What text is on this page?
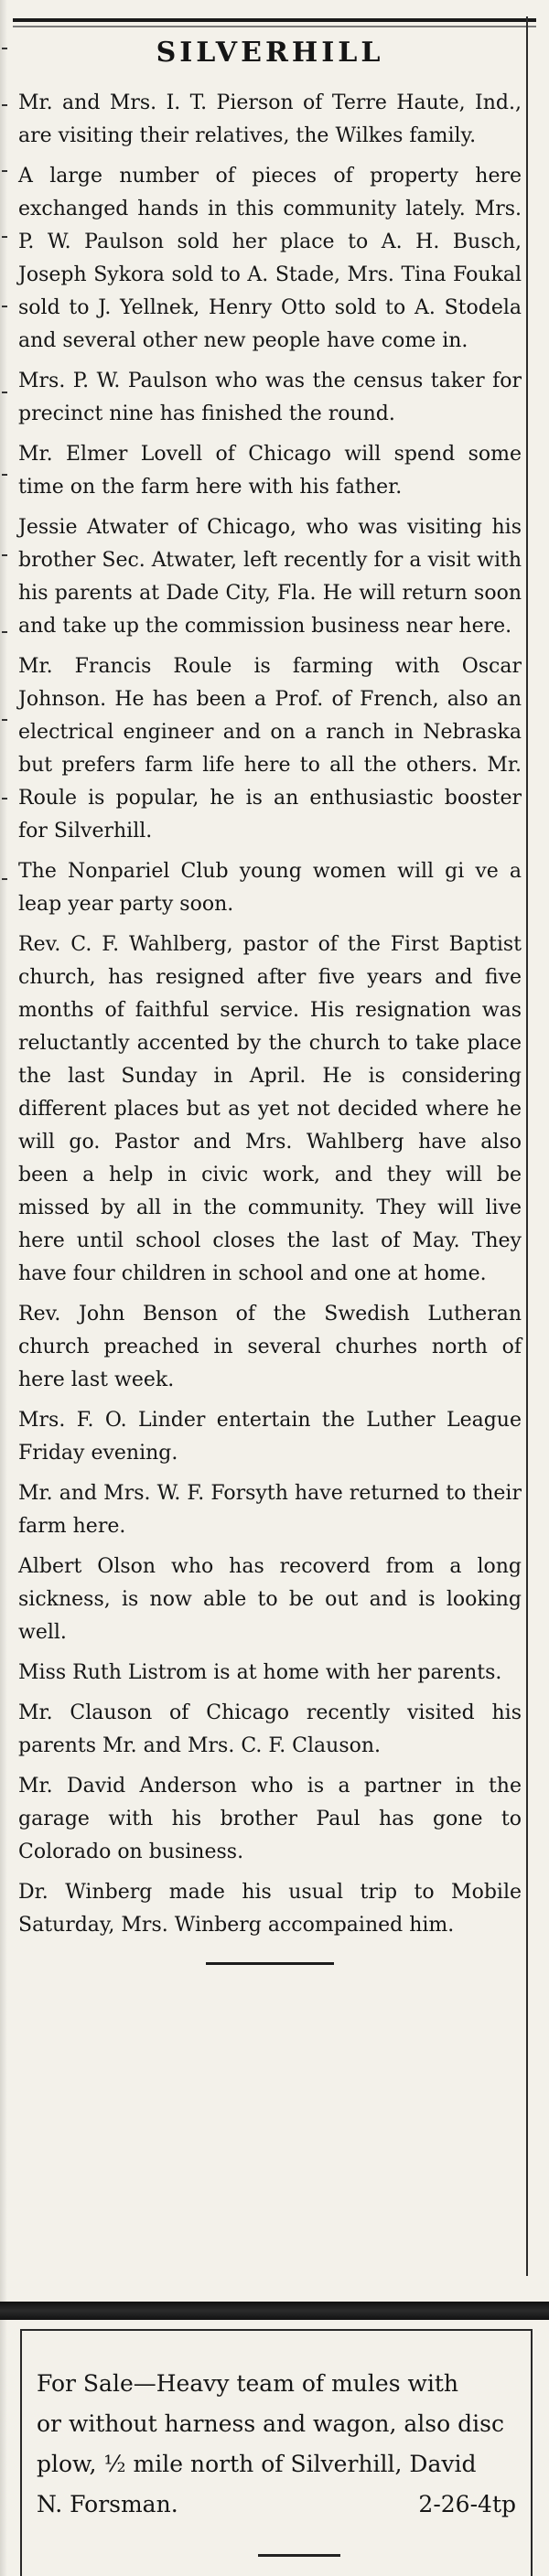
SILVERHILL

Mr. and Mrs. I. T. Pierson of Terre Haute, Ind., are visiting their relatives, the Wilkes family.

A large number of pieces of property here exchanged hands in this community lately. Mrs. P. W. Paulson sold her place to A. H. Busch, Joseph Sykora sold to A. Stade, Mrs. Tina Foukal sold to J. Yellnek, Henry Otto sold to A. Stodela and several other new people have come in.

Mrs. P. W. Paulson who was the census taker for precinct nine has finished the round.

Mr. Elmer Lovell of Chicago will spend some time on the farm here with his father.

Jessie Atwater of Chicago, who was visiting his brother Sec. Atwater, left recently for a visit with his parents at Dade City, Fla. He will return soon and take up the commission business near here.

Mr. Francis Roule is farming with Oscar Johnson. He has been a Prof. of French, also an electrical engineer and on a ranch in Nebraska but prefers farm life here to all the others. Mr. Roule is popular, he is an enthusiastic booster for Silverhill.

The Nonpariel Club young women will gi ve a leap year party soon.

Rev. C. F. Wahlberg, pastor of the First Baptist church, has resigned after five years and five months of faithful service. His resignation was reluctantly accented by the church to take place the last Sunday in April. He is considering different places but as yet not decided where he will go. Pastor and Mrs. Wahlberg have also been a help in civic work, and they will be missed by all in the community. They will live here until school closes the last of May. They have four children in school and one at home.

Rev. John Benson of the Swedish Lutheran church preached in several churhes north of here last week.

Mrs. F. O. Linder entertain the Luther League Friday evening.

Mr. and Mrs. W. F. Forsyth have returned to their farm here.

Albert Olson who has recoverd from a long sickness, is now able to be out and is looking well.

Miss Ruth Listrom is at home with her parents.

Mr. Clauson of Chicago recently visited his parents Mr. and Mrs. C. F. Clauson.

Mr. David Anderson who is a partner in the garage with his brother Paul has gone to Colorado on business.

Dr. Winberg made his usual trip to Mobile Saturday, Mrs. Winberg accompained him.

For Sale—Heavy team of mules with
or without harness and wagon, also disc
plow, ½ mile north of Silverhill, David
N. Forsman.	2-26-4tp
